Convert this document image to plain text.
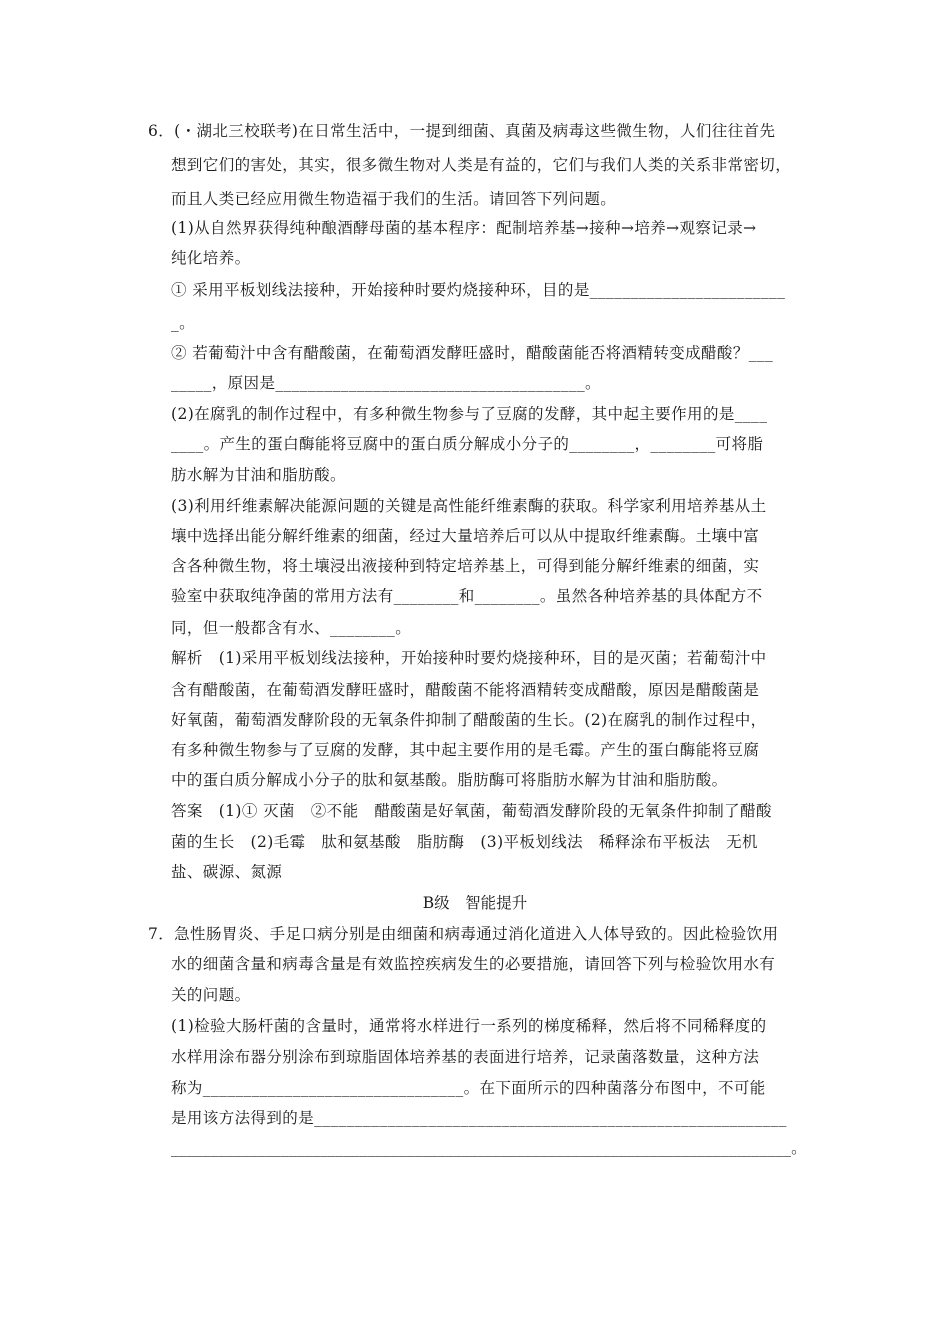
6．(・湖北三校联考)在日常生活中，一提到细菌、真菌及病毒这些微生物，人们往往首先
想到它们的害处，其实，很多微生物对人类是有益的，它们与我们人类的关系非常密切，
而且人类已经应用微生物造福于我们的生活。请回答下列问题。
(1)从自然界获得纯种酿酒酵母菌的基本程序：配制培养基→接种→培养→观察记录→
纯化培养。
① 采用平板划线法接种，开始接种时要灼烧接种环，目的是________________________
_。
② 若葡萄汁中含有醋酸菌，在葡萄酒发酵旺盛时，醋酸菌能否将酒精转变成醋酸？___
_____，原因是______________________________________。
(2)在腐乳的制作过程中，有多种微生物参与了豆腐的发酵，其中起主要作用的是____
____。产生的蛋白酶能将豆腐中的蛋白质分解成小分子的________，________可将脂
肪水解为甘油和脂肪酸。
(3)利用纤维素解决能源问题的关键是高性能纤维素酶的获取。科学家利用培养基从土
壤中选择出能分解纤维素的细菌，经过大量培养后可以从中提取纤维素酶。土壤中富
含各种微生物，将土壤浸出液接种到特定培养基上，可得到能分解纤维素的细菌，实
验室中获取纯净菌的常用方法有________和________。虽然各种培养基的具体配方不
同，但一般都含有水、________。
解析　(1)采用平板划线法接种，开始接种时要灼烧接种环，目的是灭菌；若葡萄汁中
含有醋酸菌，在葡萄酒发酵旺盛时，醋酸菌不能将酒精转变成醋酸，原因是醋酸菌是
好氧菌，葡萄酒发酵阶段的无氧条件抑制了醋酸菌的生长。(2)在腐乳的制作过程中，
有多种微生物参与了豆腐的发酵，其中起主要作用的是毛霉。产生的蛋白酶能将豆腐
中的蛋白质分解成小分子的肽和氨基酸。脂肪酶可将脂肪水解为甘油和脂肪酸。
答案　(1)① 灭菌　②不能　醋酸菌是好氧菌，葡萄酒发酵阶段的无氧条件抑制了醋酸
菌的生长　(2)毛霉　肽和氨基酸　脂肪酶　(3)平板划线法　稀释涂布平板法　无机
盐、碳源、氮源
B级　智能提升
7．急性肠胃炎、手足口病分别是由细菌和病毒通过消化道进入人体导致的。因此检验饮用
水的细菌含量和病毒含量是有效监控疾病发生的必要措施，请回答下列与检验饮用水有
关的问题。
(1)检验大肠杆菌的含量时，通常将水样进行一系列的梯度稀释，然后将不同稀释度的
水样用涂布器分别涂布到琼脂固体培养基的表面进行培养，记录菌落数量，这种方法
称为________________________________。在下面所示的四种菌落分布图中，不可能
是用该方法得到的是__________________________________________________________
_______________________________________________________________________________。
